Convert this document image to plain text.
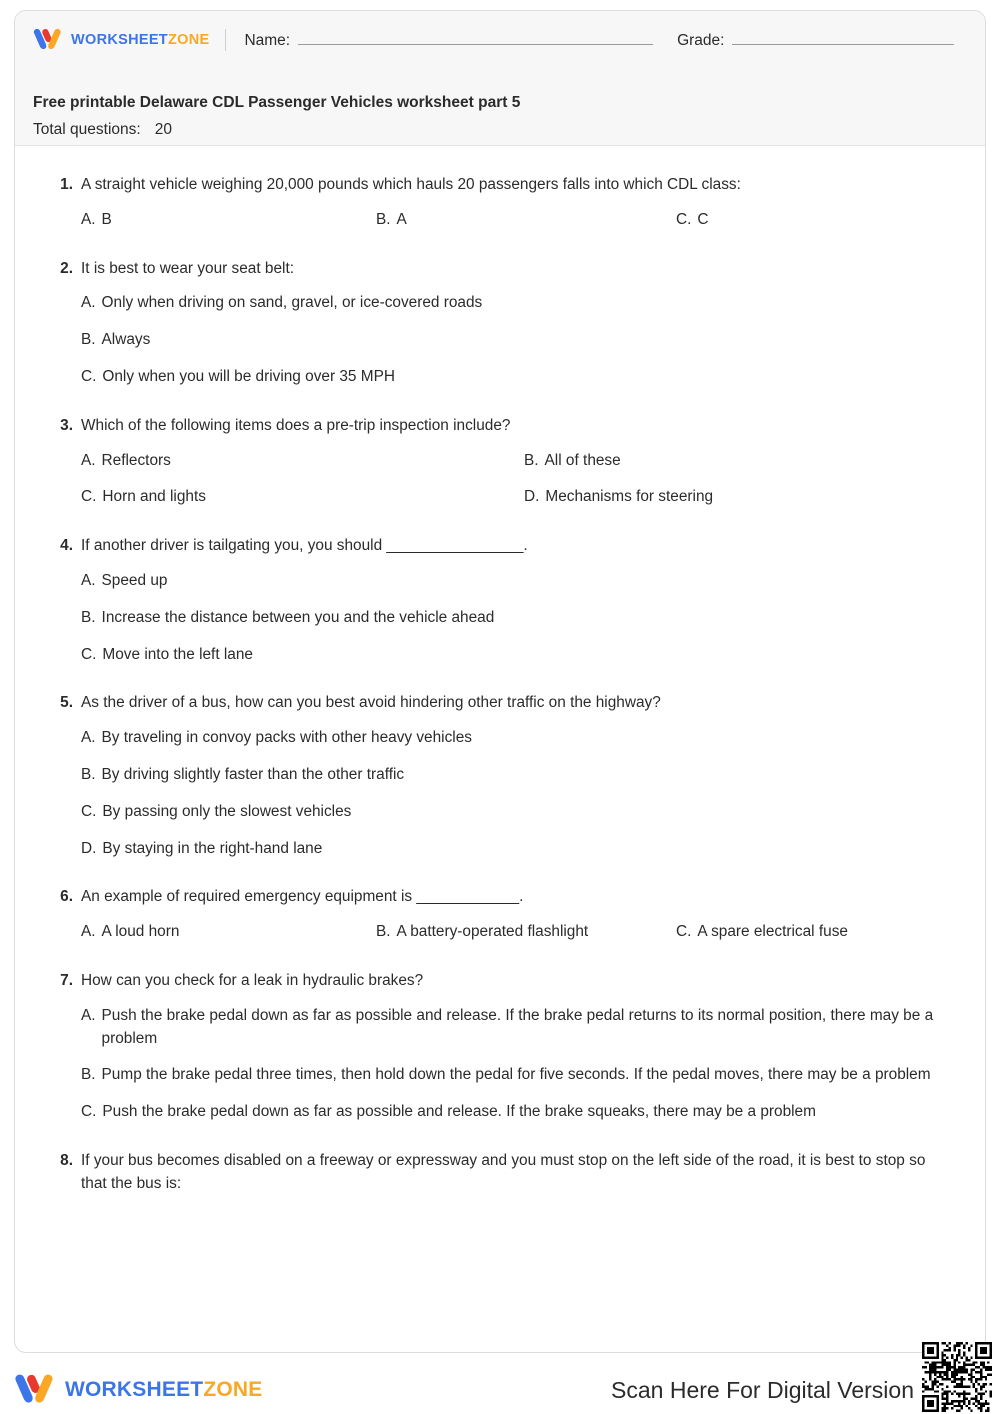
WORKSHEETZONE Name:	Grade:

Free printable Delaware CDL Passenger Vehicles worksheet part 5

Total questions: 20

1. A straight vehicle weighing 20,000 pounds which hauls 20 passengers falls into which CDL class:
A. B	B. A	C. C
2. It is best to wear your seat belt:
A. Only when driving on sand, gravel, or ice-covered roads
B. Always
C. Only when you will be driving over 35 MPH
3. Which of the following items does a pre-trip inspection include?
A. Reflectors	B. All of these
C. Horn and lights	D. Mechanisms for steering
4. If another driver is tailgating you, you should ________________.
A. Speed up
B. Increase the distance between you and the vehicle ahead
C. Move into the left lane
5. As the driver of a bus, how can you best avoid hindering other traffic on the highway?
A. By traveling in convoy packs with other heavy vehicles
B. By driving slightly faster than the other traffic
C. By passing only the slowest vehicles
D. By staying in the right-hand lane
6. An example of required emergency equipment is ____________.
A. A loud horn	B. A battery-operated flashlight	C. A spare electrical fuse
7. How can you check for a leak in hydraulic brakes?
A. Push the brake pedal down as far as possible and release. If the brake pedal returns to its normal position, there may be a problem
B. Pump the brake pedal three times, then hold down the pedal for five seconds. If the pedal moves, there may be a problem
C. Push the brake pedal down as far as possible and release. If the brake squeaks, there may be a problem
8. If your bus becomes disabled on a freeway or expressway and you must stop on the left side of the road, it is best to stop so that the bus is:
WORKSHEETZONE	Scan Here For Digital Version
